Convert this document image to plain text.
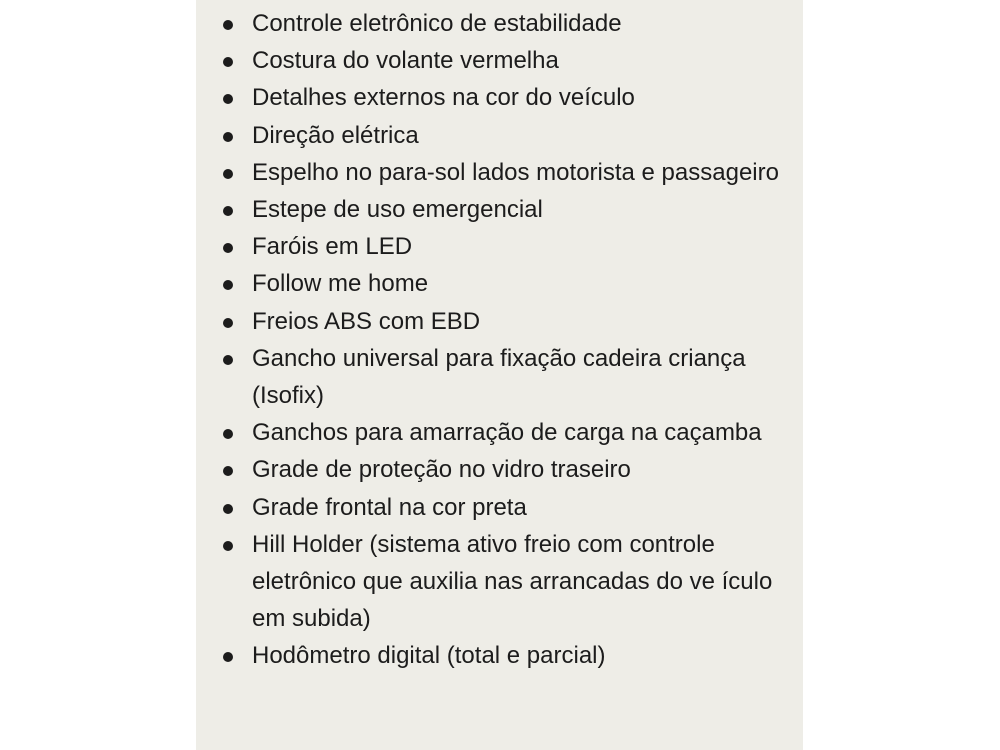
Controle eletrônico de estabilidade
Costura do volante vermelha
Detalhes externos na cor do veículo
Direção elétrica
Espelho no para-sol lados motorista e passageiro
Estepe de uso emergencial
Faróis em LED
Follow me home
Freios ABS com EBD
Gancho universal para fixação cadeira criança (Isofix)
Ganchos para amarração de carga na caçamba
Grade de proteção no vidro traseiro
Grade frontal na cor preta
Hill Holder (sistema ativo freio com controle eletrônico que auxilia nas arrancadas do ve ículo em subida)
Hodômetro digital (total e parcial)
